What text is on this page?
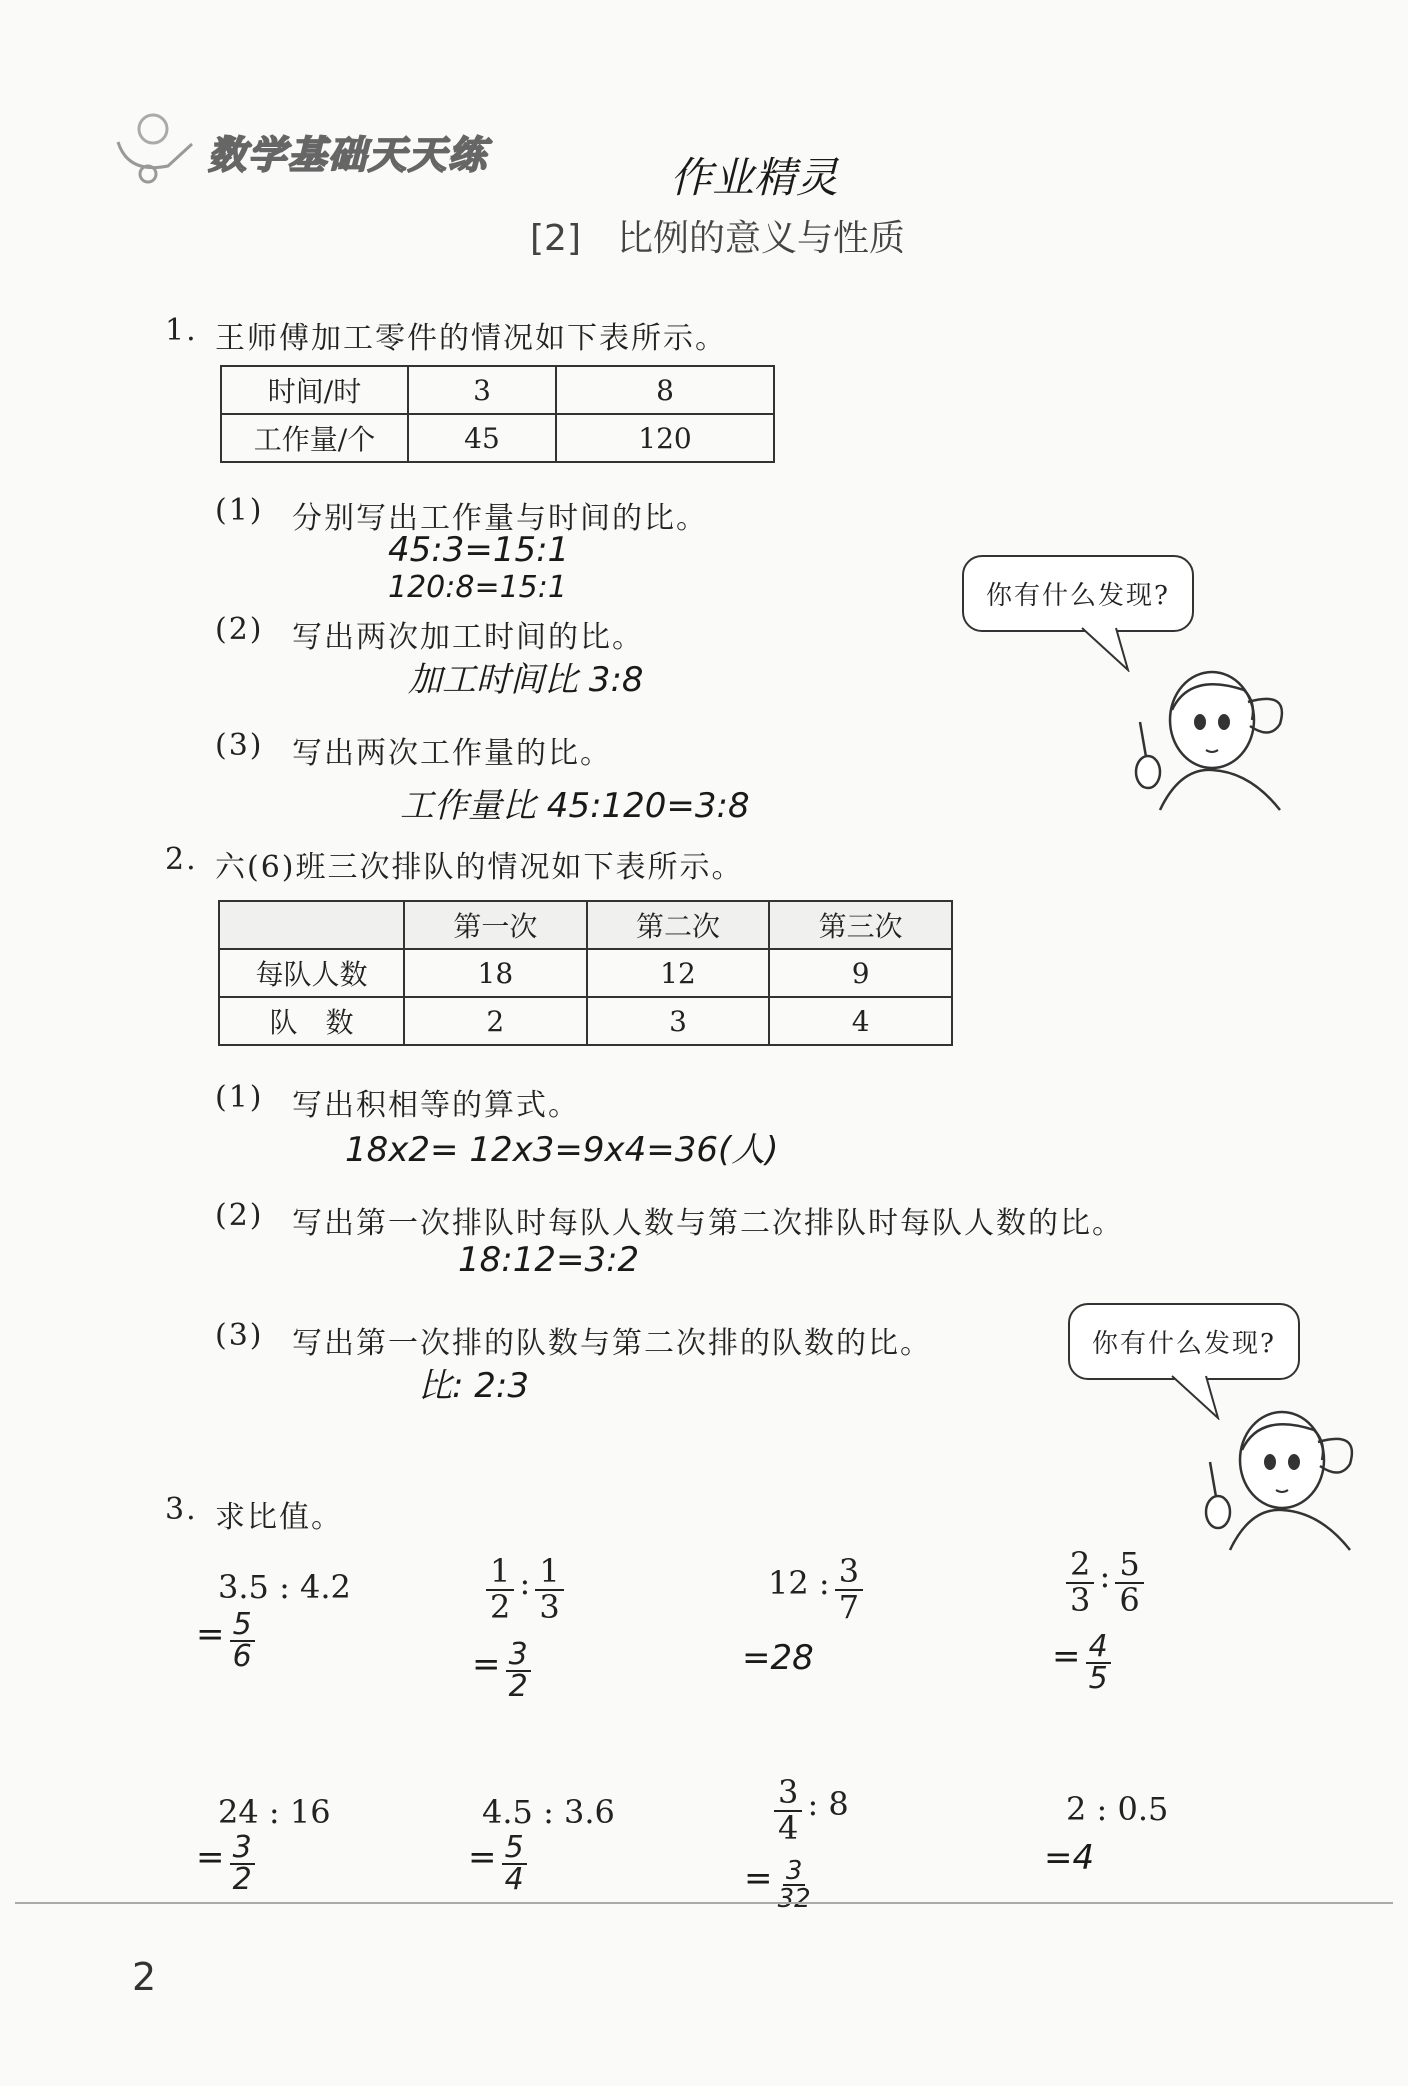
数学基础天天练	作业精灵
[2]　比例的意义与性质
1. 王师傅加工零件的情况如下表所示。
时间/时	3	8
工作量/个	45	120
(1) 分别写出工作量与时间的比。
45:3=15:1
120:8=15:1
(2) 写出两次加工时间的比。
加工时间比 3:8
(3) 写出两次工作量的比。
工作量比 45:120=3:8
你有什么发现?
2. 六(6)班三次排队的情况如下表所示。
	第一次	第二次	第三次
每队人数	18	12	9
队　数	2	3	4
(1) 写出积相等的算式。
18x2= 12x3=9x4=36(人)
(2) 写出第一次排队时每队人数与第二次排队时每队人数的比。
18:12=3:2
(3) 写出第一次排的队数与第二次排的队数的比。
比: 2:3
你有什么发现?
3. 求比值。
3.5 : 4.2
= $\frac{5}{6}$
$\frac{1}{2}$ : $\frac{1}{3}$
= $\frac{3}{2}$
12 : $\frac{3}{7}$
=28
$\frac{2}{3}$ : $\frac{5}{6}$
= $\frac{4}{5}$
24 : 16
= $\frac{3}{2}$
4.5 : 3.6
= $\frac{5}{4}$
$\frac{3}{4}$ : 8
= $\frac{3}{32}$
2 : 0.5
=4
2
